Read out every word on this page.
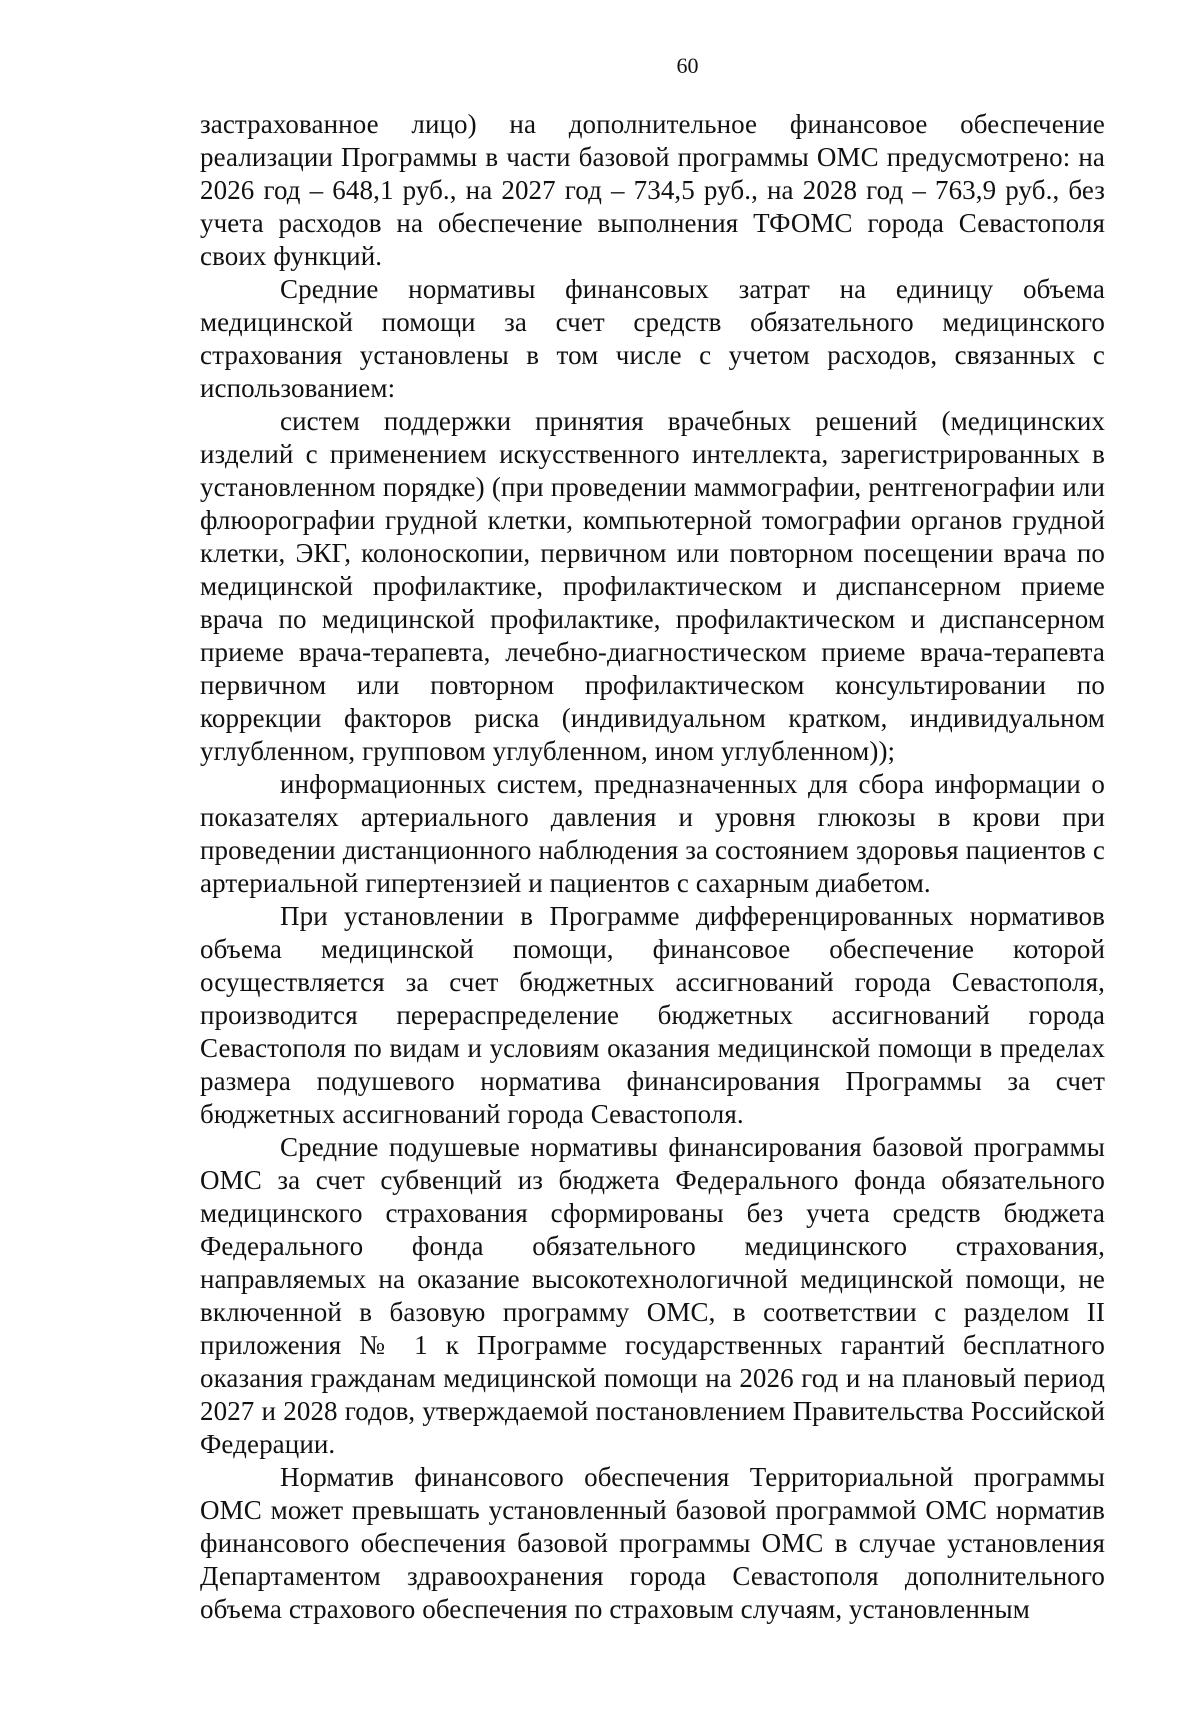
60

застрахованное лицо) на дополнительное финансовое обеспечение реализации Программы в части базовой программы ОМС предусмотрено: на 2026 год – 648,1 руб., на 2027 год – 734,5 руб., на 2028 год – 763,9 руб., без учета расходов на обеспечение выполнения ТФОМС города Севастополя своих функций.

Средние нормативы финансовых затрат на единицу объема медицинской помощи за счет средств обязательного медицинского страхования установлены в том числе с учетом расходов, связанных с использованием:

систем поддержки принятия врачебных решений (медицинских изделий с применением искусственного интеллекта, зарегистрированных в установленном порядке) (при проведении маммографии, рентгенографии или флюорографии грудной клетки, компьютерной томографии органов грудной клетки, ЭКГ, колоноскопии, первичном или повторном посещении врача по медицинской профилактике, профилактическом и диспансерном приеме врача по медицинской профилактике, профилактическом и диспансерном приеме врача-терапевта, лечебно-диагностическом приеме врача-терапевта первичном или повторном профилактическом консультировании по коррекции факторов риска (индивидуальном кратком, индивидуальном углубленном, групповом углубленном, ином углубленном));

информационных систем, предназначенных для сбора информации о показателях артериального давления и уровня глюкозы в крови при проведении дистанционного наблюдения за состоянием здоровья пациентов с артериальной гипертензией и пациентов с сахарным диабетом.

При установлении в Программе дифференцированных нормативов объема медицинской помощи, финансовое обеспечение которой осуществляется за счет бюджетных ассигнований города Севастополя, производится перераспределение бюджетных ассигнований города Севастополя по видам и условиям оказания медицинской помощи в пределах размера подушевого норматива финансирования Программы за счет бюджетных ассигнований города Севастополя.

Средние подушевые нормативы финансирования базовой программы ОМС за счет субвенций из бюджета Федерального фонда обязательного медицинского страхования сформированы без учета средств бюджета Федерального фонда обязательного медицинского страхования, направляемых на оказание высокотехнологичной медицинской помощи, не включенной в базовую программу ОМС, в соответствии с разделом II приложения № 1 к Программе государственных гарантий бесплатного оказания гражданам медицинской помощи на 2026 год и на плановый период 2027 и 2028 годов, утверждаемой постановлением Правительства Российской Федерации.

Норматив финансового обеспечения Территориальной программы ОМС может превышать установленный базовой программой ОМС норматив финансового обеспечения базовой программы ОМС в случае установления Департаментом здравоохранения города Севастополя дополнительного объема страхового обеспечения по страховым случаям, установленным
